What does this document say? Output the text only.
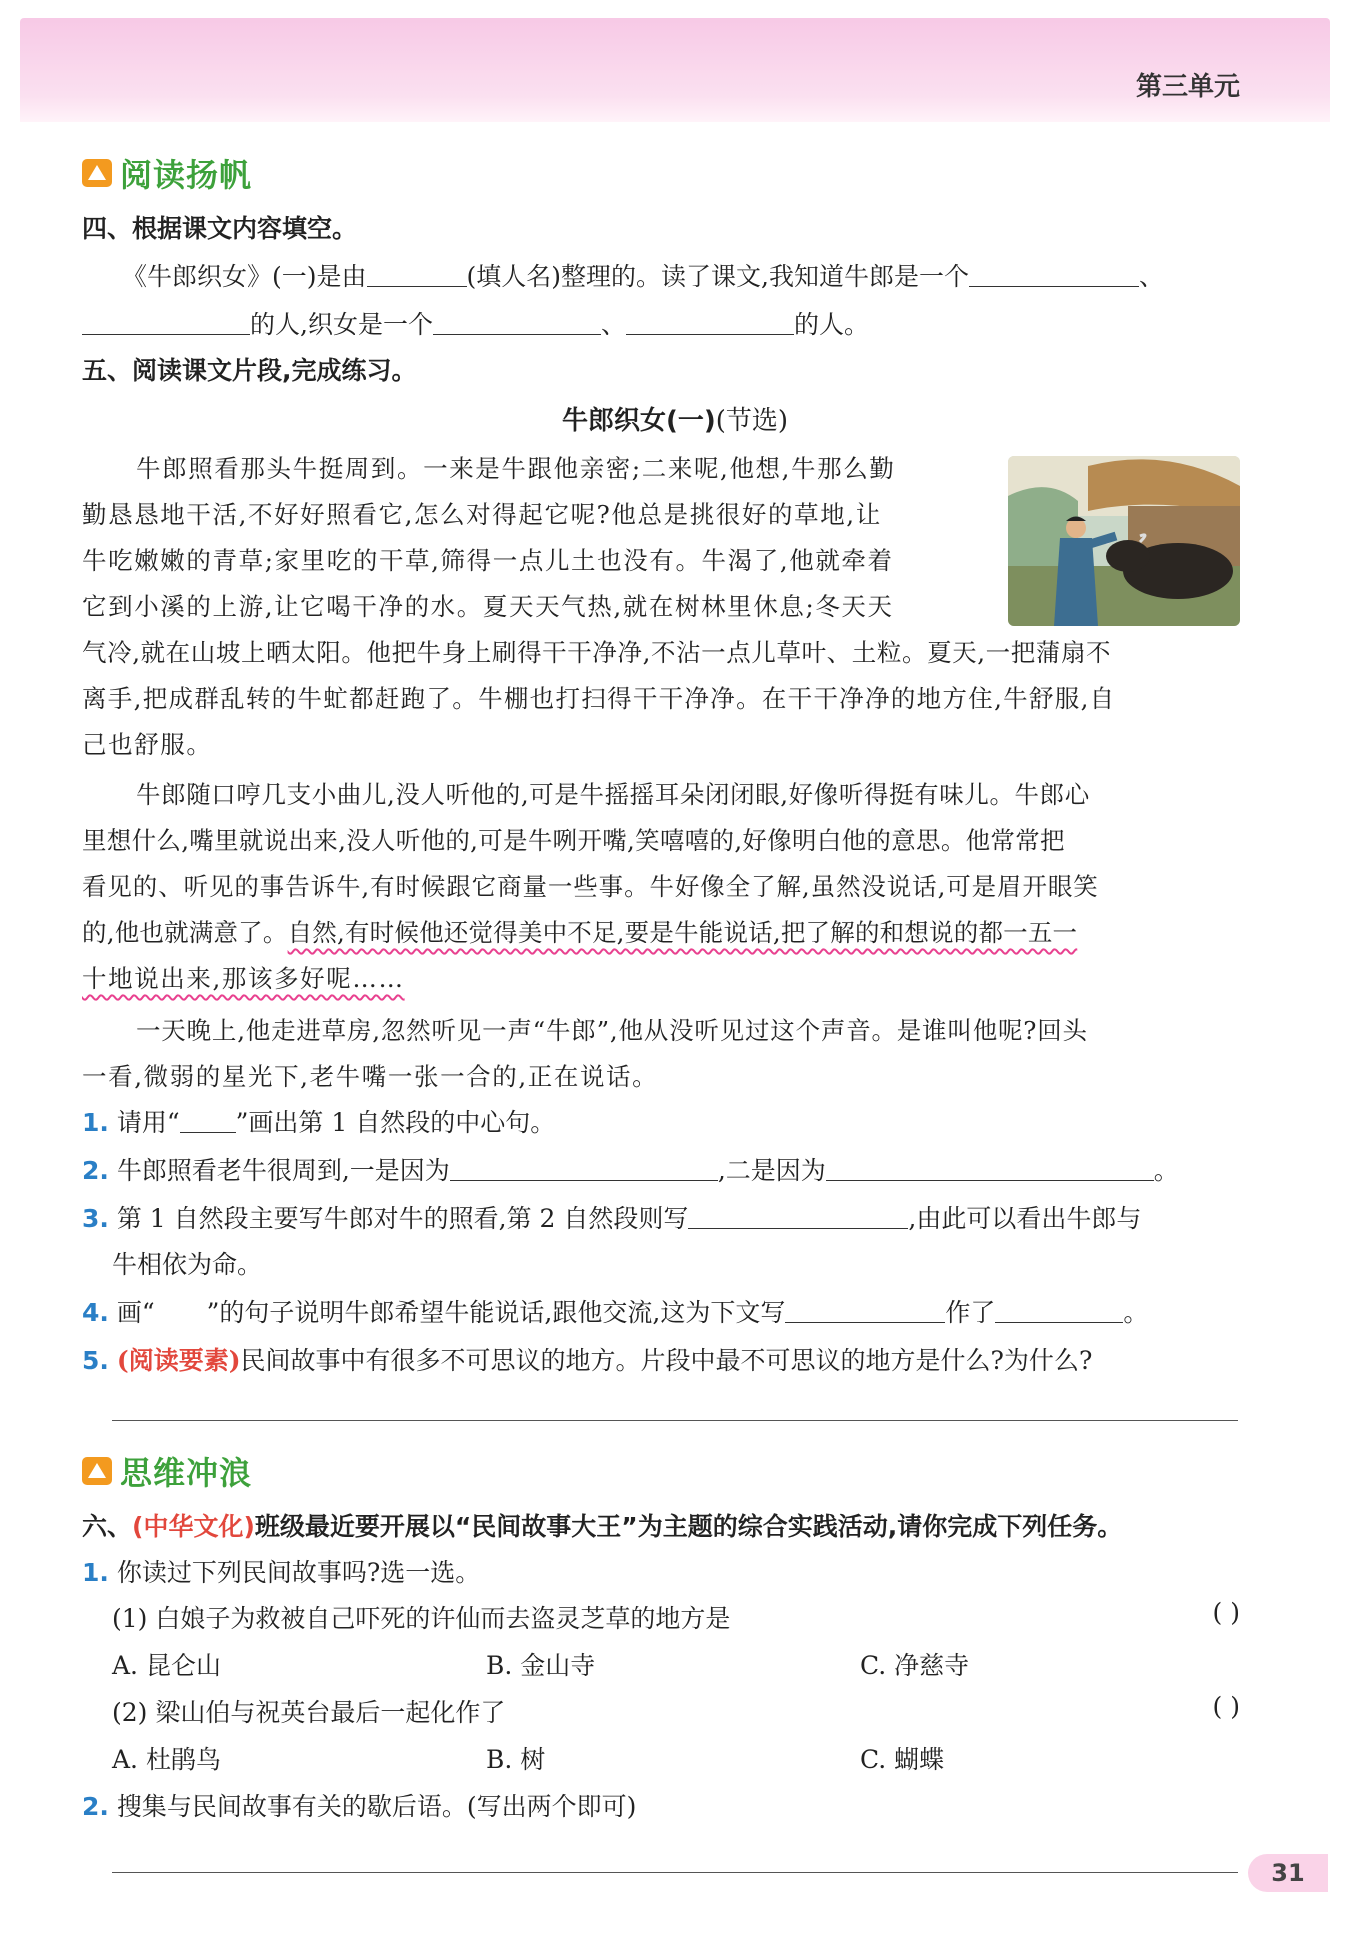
第三单元
阅读扬帆
四、根据课文内容填空。
《牛郎织女》(一)是由	(填人名)整理的。读了课文,我知道牛郎是一个	、
的人,织女是一个	、	的人。
五、阅读课文片段,完成练习。
牛郎织女(一)(节选)
牛郎照看那头牛挺周到。一来是牛跟他亲密;二来呢,他想,牛那么勤
勤恳恳地干活,不好好照看它,怎么对得起它呢?他总是挑很好的草地,让
牛吃嫩嫩的青草;家里吃的干草,筛得一点儿土也没有。牛渴了,他就牵着
它到小溪的上游,让它喝干净的水。夏天天气热,就在树林里休息;冬天天
气冷,就在山坡上晒太阳。他把牛身上刷得干干净净,不沾一点儿草叶、土粒。夏天,一把蒲扇不
离手,把成群乱转的牛虻都赶跑了。牛棚也打扫得干干净净。在干干净净的地方住,牛舒服,自
己也舒服。
牛郎随口哼几支小曲儿,没人听他的,可是牛摇摇耳朵闭闭眼,好像听得挺有味儿。牛郎心
里想什么,嘴里就说出来,没人听他的,可是牛咧开嘴,笑嘻嘻的,好像明白他的意思。他常常把
看见的、听见的事告诉牛,有时候跟它商量一些事。牛好像全了解,虽然没说话,可是眉开眼笑
的,他也就满意了。自然,有时候他还觉得美中不足,要是牛能说话,把了解的和想说的都一五一
十地说出来,那该多好呢……
一天晚上,他走进草房,忽然听见一声“牛郎”,他从没听见过这个声音。是谁叫他呢?回头
一看,微弱的星光下,老牛嘴一张一合的,正在说话。
1. 请用“ ”画出第 1 自然段的中心句。
2. 牛郎照看老牛很周到,一是因为	,二是因为	。
3. 第 1 自然段主要写牛郎对牛的照看,第 2 自然段则写	,由此可以看出牛郎与
牛相依为命。
4. 画“ ”的句子说明牛郎希望牛能说话,跟他交流,这为下文写	作了	。
5. (阅读要素)民间故事中有很多不可思议的地方。片段中最不可思议的地方是什么?为什么?
思维冲浪
六、(中华文化)班级最近要开展以“民间故事大王”为主题的综合实践活动,请你完成下列任务。
1. 你读过下列民间故事吗?选一选。
(1) 白娘子为救被自己吓死的许仙而去盗灵芝草的地方是	( )
A. 昆仑山	B. 金山寺	C. 净慈寺
(2) 梁山伯与祝英台最后一起化作了	( )
A. 杜鹃鸟	B. 树	C. 蝴蝶
2. 搜集与民间故事有关的歇后语。(写出两个即可)
31
